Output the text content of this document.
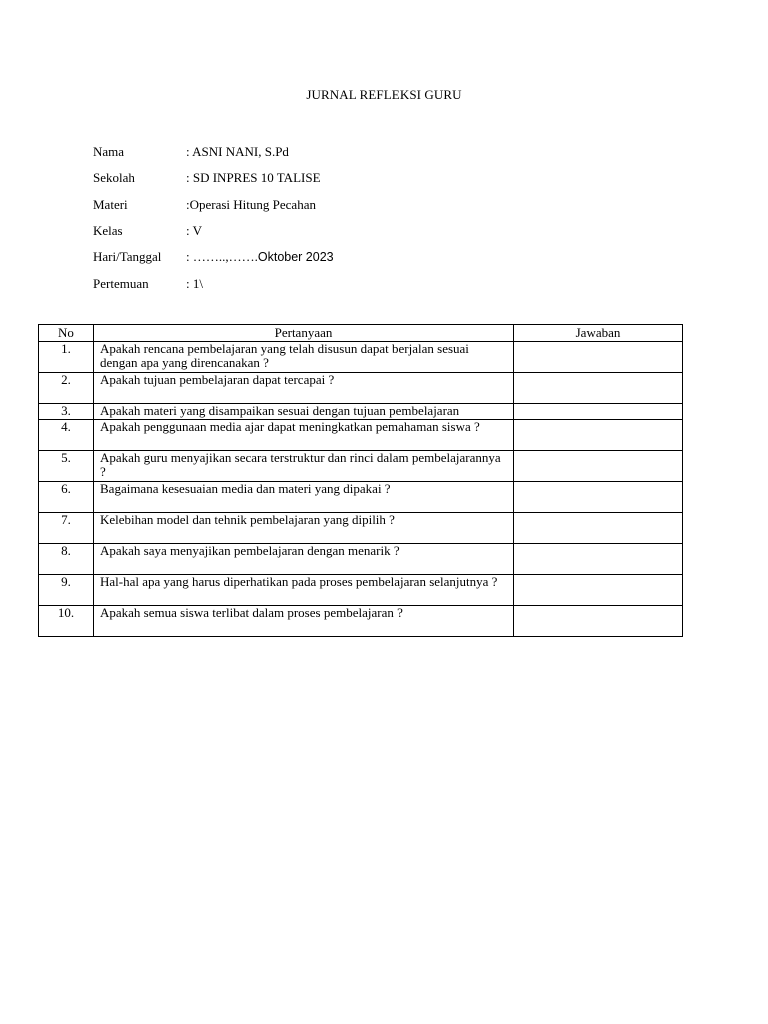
JURNAL REFLEKSI GURU
Nama	: ASNI NANI, S.Pd
Sekolah	: SD INPRES 10 TALISE
Materi	:Operasi Hitung Pecahan
Kelas	: V
Hari/Tanggal	: ……..,…….Oktober 2023
Pertemuan	: 1\
No	Pertanyaan	Jawaban
1.	Apakah rencana pembelajaran yang telah disusun dapat berjalan sesuai dengan apa yang direncanakan ?	
2.	Apakah tujuan pembelajaran dapat tercapai ?	
3.	Apakah materi yang disampaikan sesuai dengan tujuan pembelajaran	
4.	Apakah penggunaan media ajar dapat meningkatkan pemahaman siswa ?	
5.	Apakah guru menyajikan secara terstruktur dan rinci dalam pembelajarannya ?	
6.	Bagaimana kesesuaian media dan materi yang dipakai ?	
7.	Kelebihan model dan tehnik pembelajaran yang dipilih ?	
8.	Apakah saya menyajikan pembelajaran dengan menarik ?	
9.	Hal-hal apa yang harus diperhatikan pada proses pembelajaran selanjutnya ?	
10.	Apakah semua siswa terlibat dalam proses pembelajaran ?	
